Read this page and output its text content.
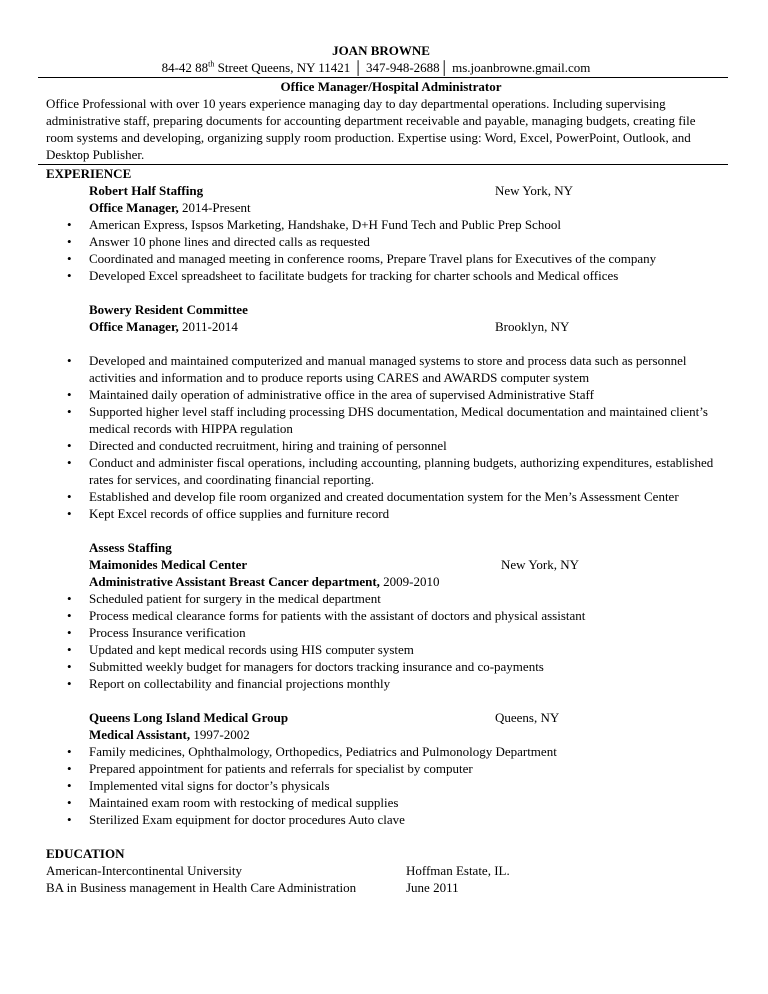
JOAN BROWNE
84-42 88th Street Queens, NY 11421 │ 347-948-2688│ ms.joanbrowne.gmail.com
Office Manager/Hospital Administrator
Office Professional with over 10 years experience managing day to day departmental operations. Including supervising administrative staff, preparing documents for accounting department receivable and payable, managing budgets, creating file room systems and developing, organizing supply room production. Expertise using: Word, Excel, PowerPoint, Outlook, and Desktop Publisher.
EXPERIENCE
Robert Half Staffing	New York, NY
Office Manager, 2014-Present
• American Express, Ispsos Marketing, Handshake, D+H Fund Tech and Public Prep School
• Answer 10 phone lines and directed calls as requested
• Coordinated and managed meeting in conference rooms, Prepare Travel plans for Executives of the company
• Developed Excel spreadsheet to facilitate budgets for tracking for charter schools and Medical offices
Bowery Resident Committee
Office Manager, 2011-2014	Brooklyn, NY
• Developed and maintained computerized and manual managed systems to store and process data such as personnel activities and information and to produce reports using CARES and AWARDS computer system
• Maintained daily operation of administrative office in the area of supervised Administrative Staff
• Supported higher level staff including processing DHS documentation, Medical documentation and maintained client’s medical records with HIPPA regulation
• Directed and conducted recruitment, hiring and training of personnel
• Conduct and administer fiscal operations, including accounting, planning budgets, authorizing expenditures, established rates for services, and coordinating financial reporting.
• Established and develop file room organized and created documentation system for the Men’s Assessment Center
• Kept Excel records of office supplies and furniture record
Assess Staffing
Maimonides Medical Center	New York, NY
Administrative Assistant Breast Cancer department, 2009-2010
• Scheduled patient for surgery in the medical department
• Process medical clearance forms for patients with the assistant of doctors and physical assistant
• Process Insurance verification
• Updated and kept medical records using HIS computer system
• Submitted weekly budget for managers for doctors tracking insurance and co-payments
• Report on collectability and financial projections monthly
Queens Long Island Medical Group	Queens, NY
Medical Assistant, 1997-2002
• Family medicines, Ophthalmology, Orthopedics, Pediatrics and Pulmonology Department
• Prepared appointment for patients and referrals for specialist by computer
• Implemented vital signs for doctor’s physicals
• Maintained exam room with restocking of medical supplies
• Sterilized Exam equipment for doctor procedures Auto clave
EDUCATION
American-Intercontinental University	Hoffman Estate, IL.
BA in Business management in Health Care Administration	June 2011
